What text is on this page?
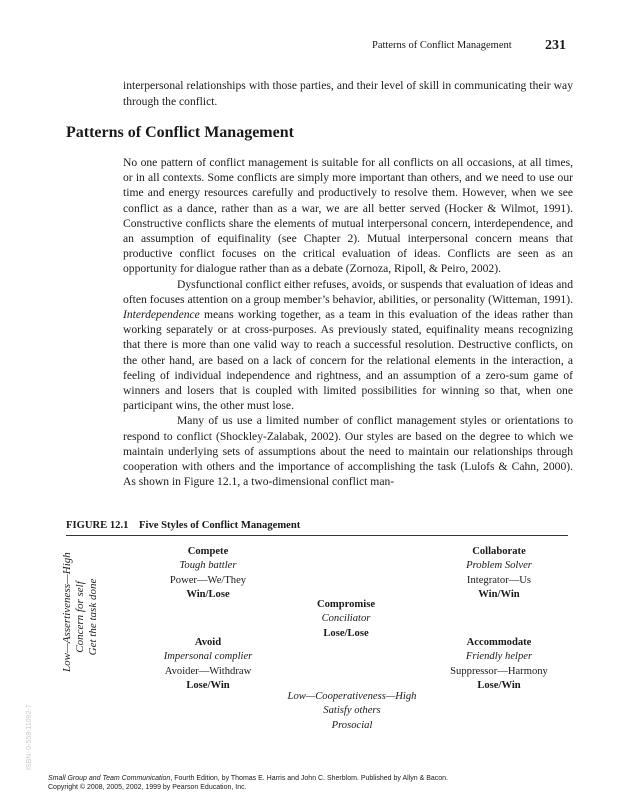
Patterns of Conflict Management 231
interpersonal relationships with those parties, and their level of skill in communicating their way through the conflict.
Patterns of Conflict Management

No one pattern of conflict management is suitable for all conflicts on all occasions, at all times, or in all contexts. Some conflicts are simply more important than others, and we need to use our time and energy resources carefully and productively to resolve them. However, when we see conflict as a dance, rather than as a war, we are all better served (Hocker & Wilmot, 1991). Constructive conflicts share the elements of mutual interpersonal concern, interdependence, and an assumption of equifinality (see Chapter 2). Mutual interpersonal concern means that productive conflict focuses on the critical evaluation of ideas. Conflicts are seen as an opportunity for dialogue rather than as a debate (Zornoza, Ripoll, & Peiro, 2002).

Dysfunctional conflict either refuses, avoids, or suspends that evaluation of ideas and often focuses attention on a group member’s behavior, abilities, or personality (Witteman, 1991). Interdependence means working together, as a team in this evaluation of the ideas rather than working separately or at cross-purposes. As previously stated, equifinality means recognizing that there is more than one valid way to reach a successful resolution. Destructive conflicts, on the other hand, are based on a lack of concern for the relational elements in the interaction, a feeling of individual independence and rightness, and an assumption of a zero-sum game of winners and losers that is coupled with limited possibilities for winning so that, when one participant wins, the other must lose.

Many of us use a limited number of conflict management styles or orientations to respond to conflict (Shockley-Zalabak, 2002). Our styles are based on the degree to which we maintain underlying sets of assumptions about the need to maintain our relationships through cooperation with others and the importance of accomplishing the task (Lulofs & Cahn, 2000). As shown in Figure 12.1, a two-dimensional conflict man-

FIGURE 12.1 Five Styles of Conflict Management
Compete
Tough battler
Power—We/They
Win/Lose
Collaborate
Problem Solver
Integrator—Us
Win/Win
Compromise
Conciliator
Lose/Lose
Avoid
Impersonal complier
Avoider—Withdraw
Lose/Win
Accommodate
Friendly helper
Suppressor—Harmony
Lose/Win
Low—Assertiveness—High Concern for self Get the task done
Low—Cooperativeness—High
Satisfy others
Prosocial
ISBN: 0-558-11092-7
Small Group and Team Communication, Fourth Edition, by Thomas E. Harris and John C. Sherblom. Published by Allyn & Bacon.
Copyright © 2008, 2005, 2002, 1999 by Pearson Education, Inc.
